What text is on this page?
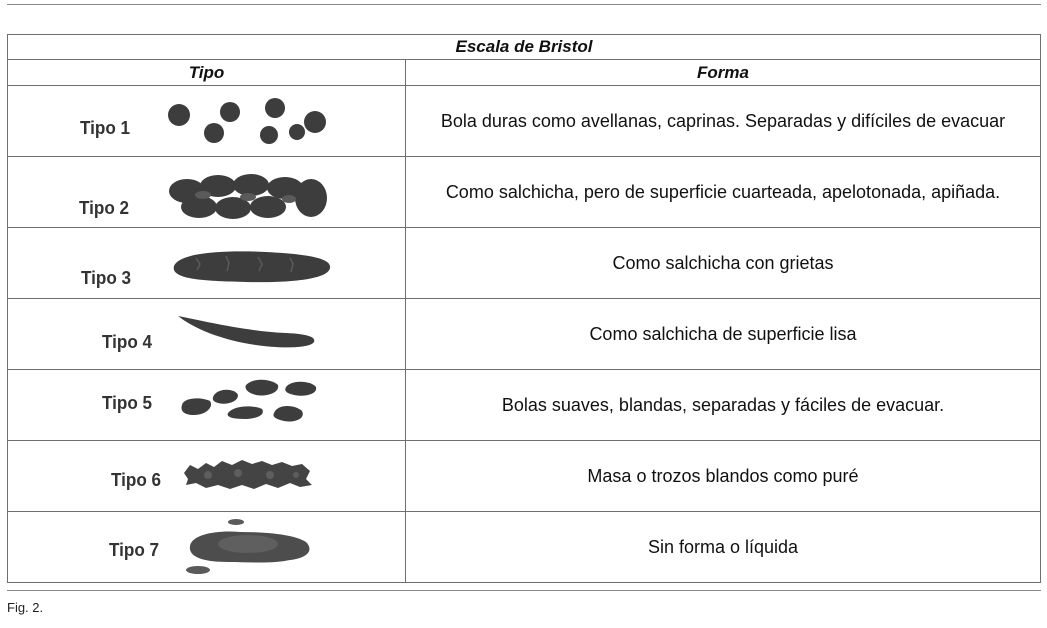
Escala de Bristol	
Tipo	Forma

Tipo 1	Bola duras como avellanas, caprinas. Separadas y difíciles de evacuar

Tipo 2	Como salchicha, pero de superficie cuarteada, apelotonada, apiñada.

Tipo 3	Como salchicha con grietas

Tipo 4	Como salchicha de superficie lisa

Tipo 5	Bolas suaves, blandas, separadas y fáciles de evacuar.

Tipo 6	Masa o trozos blandos como puré

Tipo 7	Sin forma o líquida
Fig. 2.
